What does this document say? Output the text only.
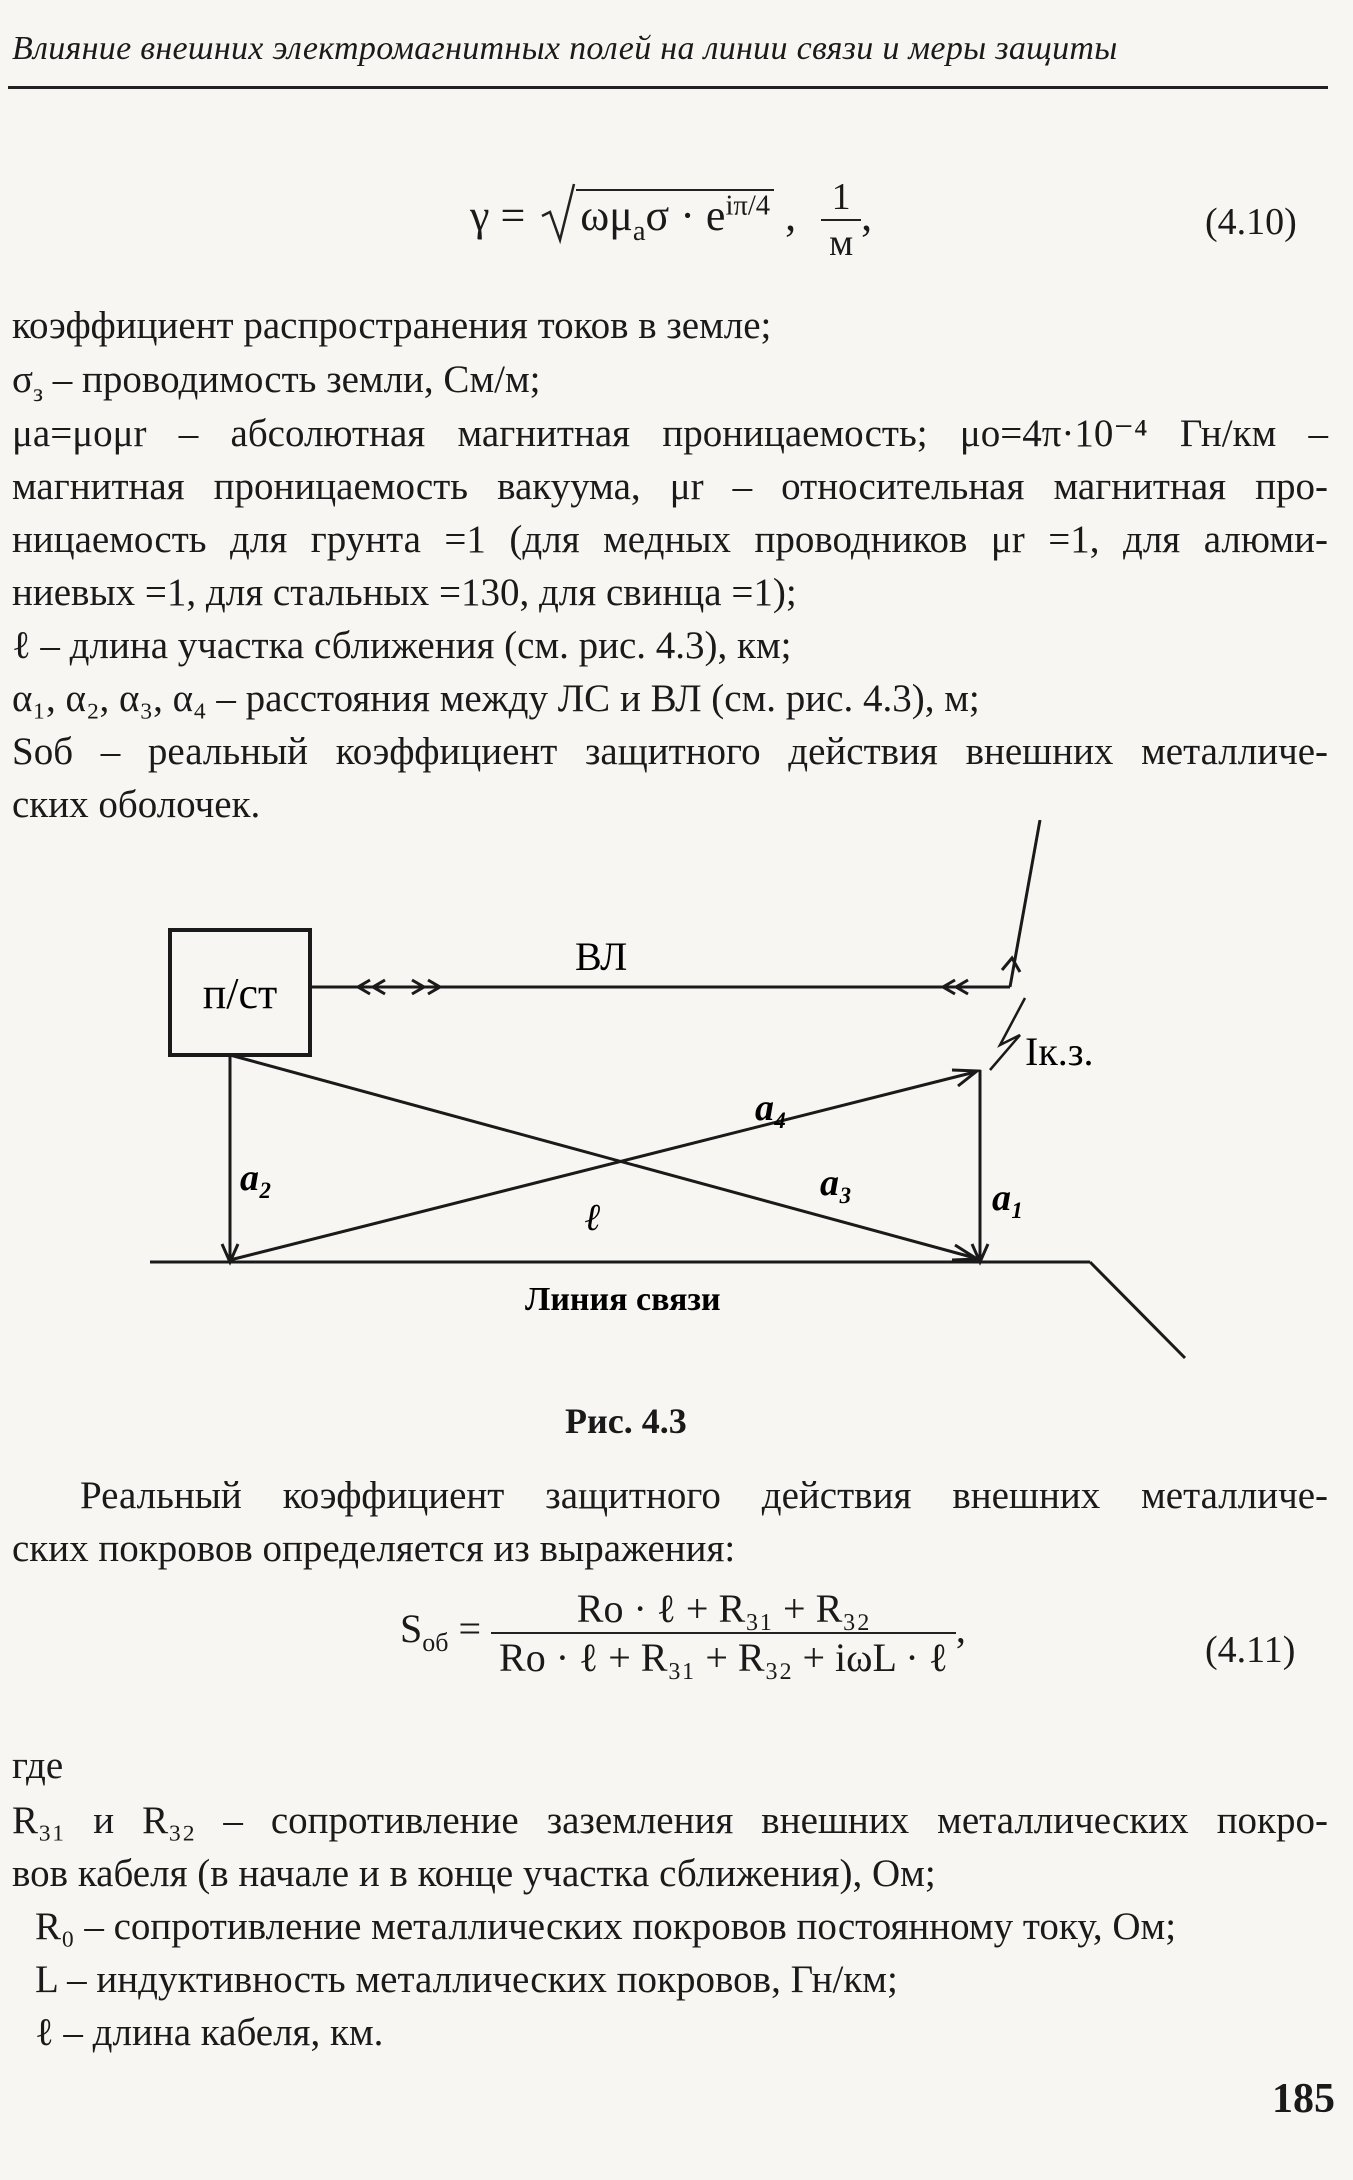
Влияние внешних электромагнитных полей на линии связи и меры защиты
$\gamma = \omega\mu_а\sigma \cdot e^{i\pi/4}$ , $\frac{1}{м}$ ,	(4.10)
коэффициент распространения токов в земле;
$\sigma_з$ – проводимость земли, См/м;
μа=μоμr – абсолютная магнитная проницаемость; μо=4π·10⁻⁴ Гн/км –
магнитная проницаемость вакуума, μr – относительная магнитная про-
ницаемость для грунта =1 (для медных проводников μr =1, для алюми-
ниевых =1, для стальных =130, для свинца =1);
ℓ – длина участка сближения (см. рис. 4.3), км;
α₁, α₂, α₃, α₄ – расстояния между ЛС и ВЛ (см. рис. 4.3), м;
Sоб – реальный коэффициент защитного действия внешних металличе-
ских оболочек.
п/ст
ВЛ
Iк.з.
a₄
a₂	a₃	a₁
ℓ
Линия связи
Рис. 4.3
Реальный коэффициент защитного действия внешних металличе-
ских покровов определяется из выражения:
$S_{об} = \frac{\text{Rо · ℓ + R₃₁ + R₃₂}}{\text{Rо · ℓ + R₃₁ + R₃₂ + iωL · ℓ}}$ ,	(4.11)
где
R₃₁ и R₃₂ – сопротивление заземления внешних металлических покро-
вов кабеля (в начале и в конце участка сближения), Ом;
R₀ – сопротивление металлических покровов постоянному току, Ом;
L – индуктивность металлических покровов, Гн/км;
ℓ – длина кабеля, км.
185
